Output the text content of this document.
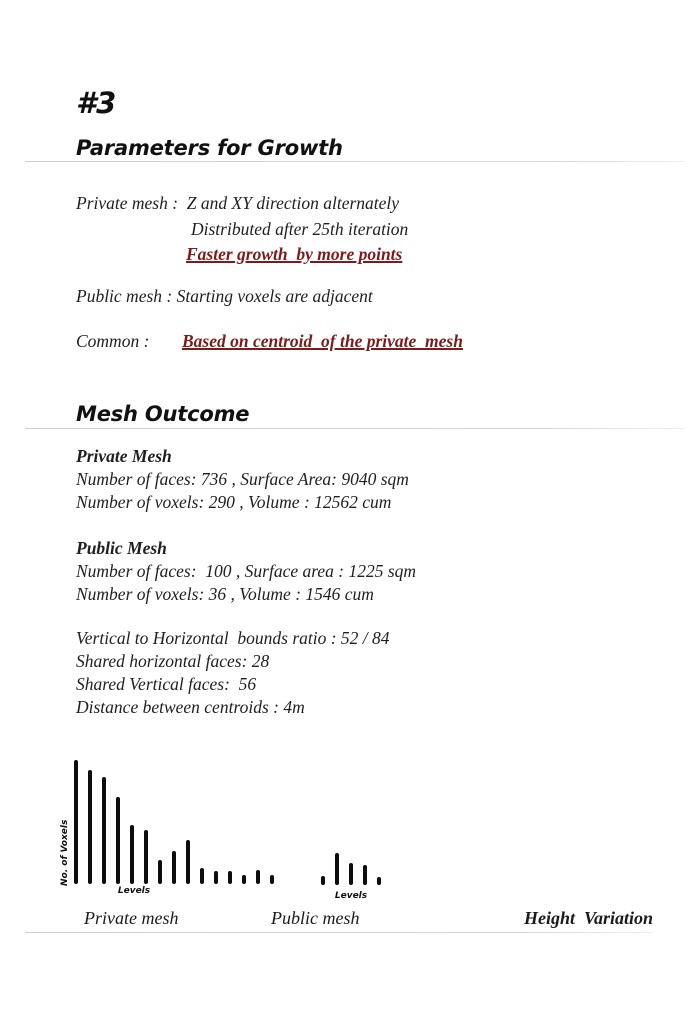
#3
Parameters for Growth
Private mesh :  Z and XY direction alternately
Distributed after 25th iteration
Faster growth  by more points
Public mesh : Starting voxels are adjacent
Common : Based on centroid  of the private  mesh
Mesh Outcome
Private Mesh
Number of faces: 736 , Surface Area: 9040 sqm
Number of voxels: 290 , Volume : 12562 cum
Public Mesh
Number of faces:  100 , Surface area : 1225 sqm
Number of voxels: 36 , Volume : 1546 cum
Vertical to Horizontal  bounds ratio : 52 / 84
Shared horizontal faces: 28
Shared Vertical faces:  56
Distance between centroids : 4m
No. of Voxels
Levels	Levels
Private mesh	Public mesh	Height  Variation
